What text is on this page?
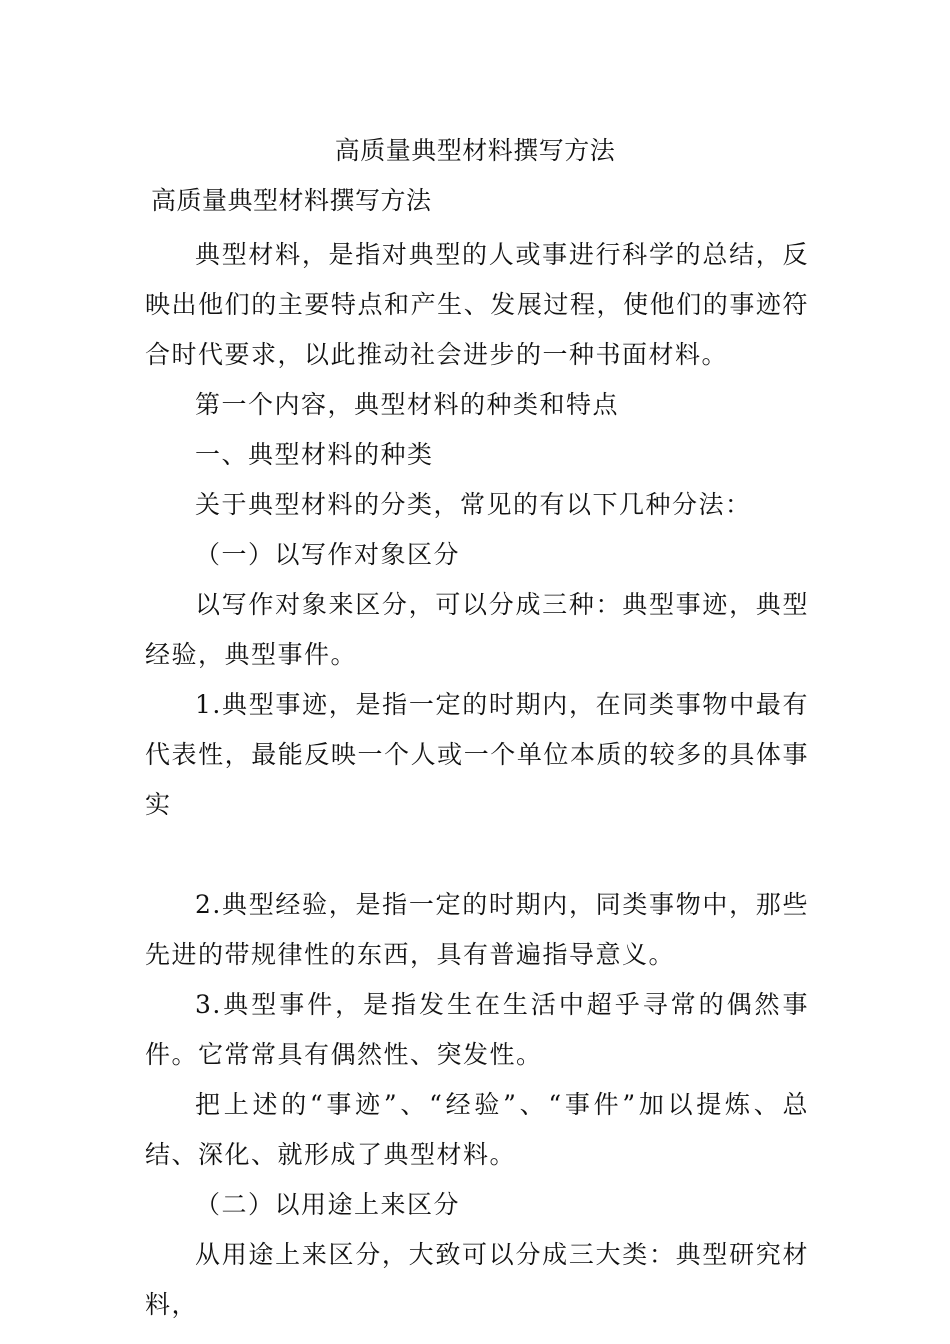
高质量典型材料撰写方法
高质量典型材料撰写方法

典型材料，是指对典型的人或事进行科学的总结，反映出他们的主要特点和产生、发展过程，使他们的事迹符合时代要求，以此推动社会进步的一种书面材料。

第一个内容，典型材料的种类和特点

一、典型材料的种类

关于典型材料的分类，常见的有以下几种分法：

（一）以写作对象区分

以写作对象来区分，可以分成三种：典型事迹，典型经验，典型事件。

1.典型事迹，是指一定的时期内，在同类事物中最有代表性，最能反映一个人或一个单位本质的较多的具体事实

2.典型经验，是指一定的时期内，同类事物中，那些先进的带规律性的东西，具有普遍指导意义。

3.典型事件，是指发生在生活中超乎寻常的偶然事件。它常常具有偶然性、突发性。

把上述的“事迹”、“经验”、“事件”加以提炼、总结、深化、就形成了典型材料。

（二）以用途上来区分

从用途上来区分，大致可以分成三大类：典型研究材料，
